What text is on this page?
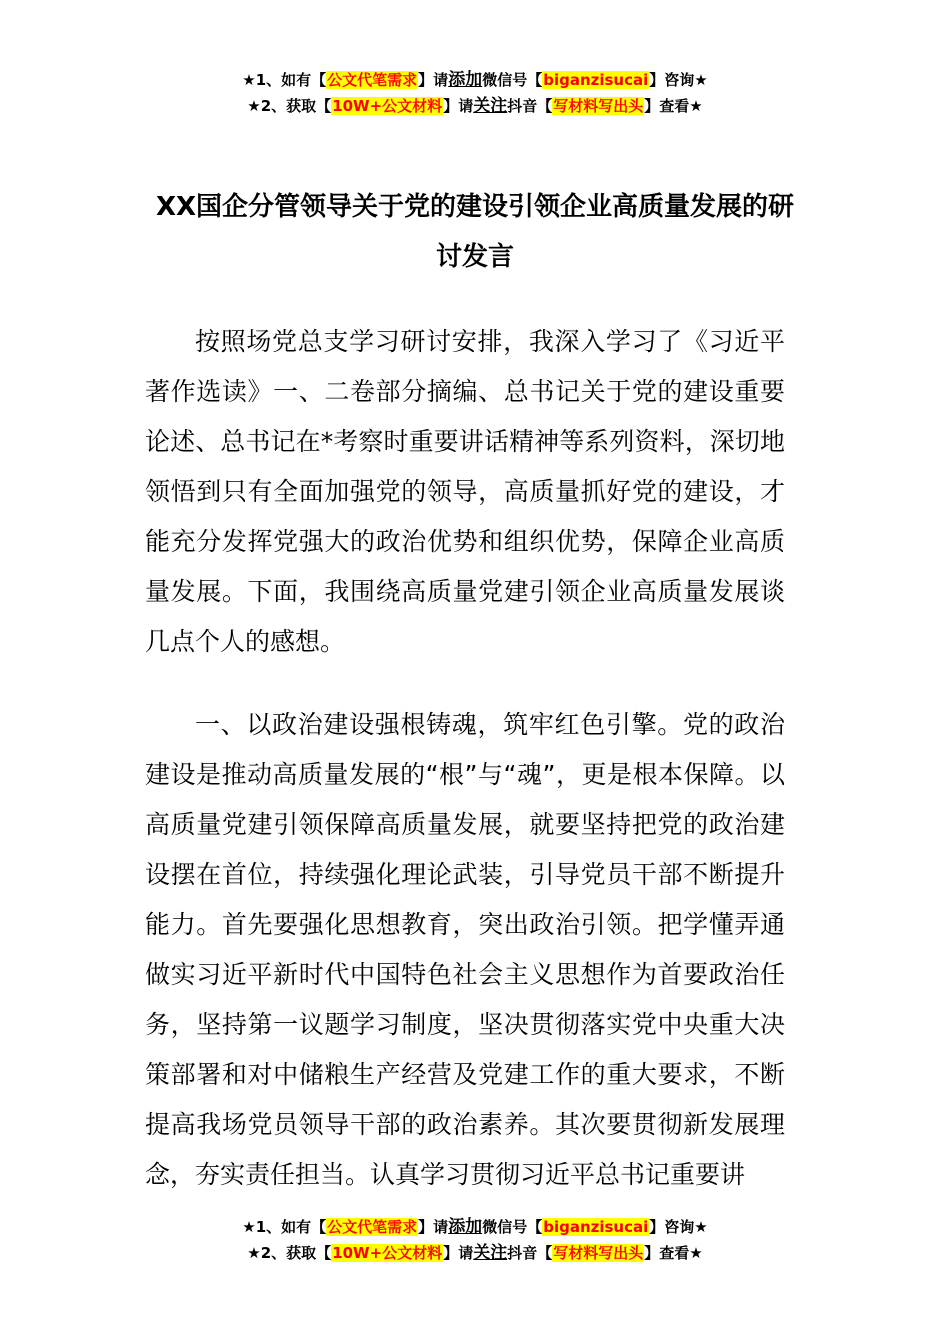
★1、如有【公文代笔需求】请添加微信号【biganzisucai】咨询★
★2、获取【10W+公文材料】请关注抖音【写材料写出头】查看★
XX国企分管领导关于党的建设引领企业高质量发展的研讨发言

按照场党总支学习研讨安排，我深入学习了《习近平著作选读》一、二卷部分摘编、总书记关于党的建设重要论述、总书记在*考察时重要讲话精神等系列资料，深切地领悟到只有全面加强党的领导，高质量抓好党的建设，才能充分发挥党强大的政治优势和组织优势，保障企业高质量发展。下面，我围绕高质量党建引领企业高质量发展谈几点个人的感想。

一、以政治建设强根铸魂，筑牢红色引擎。党的政治建设是推动高质量发展的“根”与“魂”，更是根本保障。以高质量党建引领保障高质量发展，就要坚持把党的政治建设摆在首位，持续强化理论武装，引导党员干部不断提升能力。首先要强化思想教育，突出政治引领。把学懂弄通做实习近平新时代中国特色社会主义思想作为首要政治任务，坚持第一议题学习制度，坚决贯彻落实党中央重大决策部署和对中储粮生产经营及党建工作的重大要求，不断提高我场党员领导干部的政治素养。其次要贯彻新发展理念，夯实责任担当。认真学习贯彻习近平总书记重要讲

★1、如有【公文代笔需求】请添加微信号【biganzisucai】咨询★
★2、获取【10W+公文材料】请关注抖音【写材料写出头】查看★
